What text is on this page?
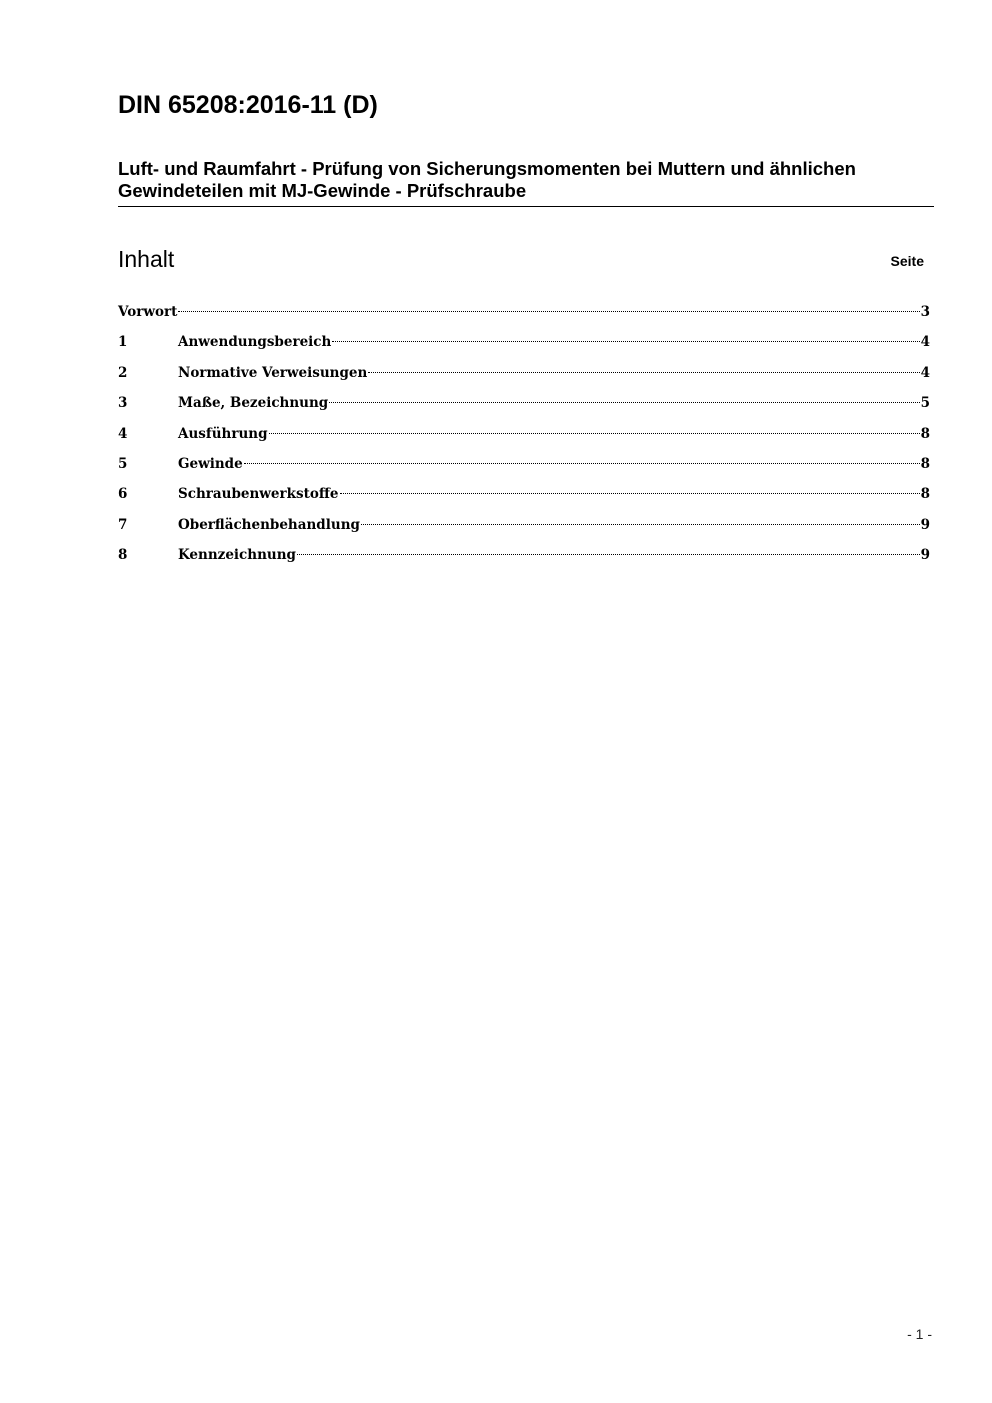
DIN 65208:2016-11 (D)
Luft- und Raumfahrt - Prüfung von Sicherungsmomenten bei Muttern und ähnlichen
Gewindeteilen mit MJ-Gewinde - Prüfschraube
Inhalt	Seite
Vorwort	3
1	Anwendungsbereich	4
2	Normative Verweisungen	4
3	Maße, Bezeichnung	5
4	Ausführung	8
5	Gewinde	8
6	Schraubenwerkstoffe	8
7	Oberflächenbehandlung	9
8	Kennzeichnung	9
- 1 -
